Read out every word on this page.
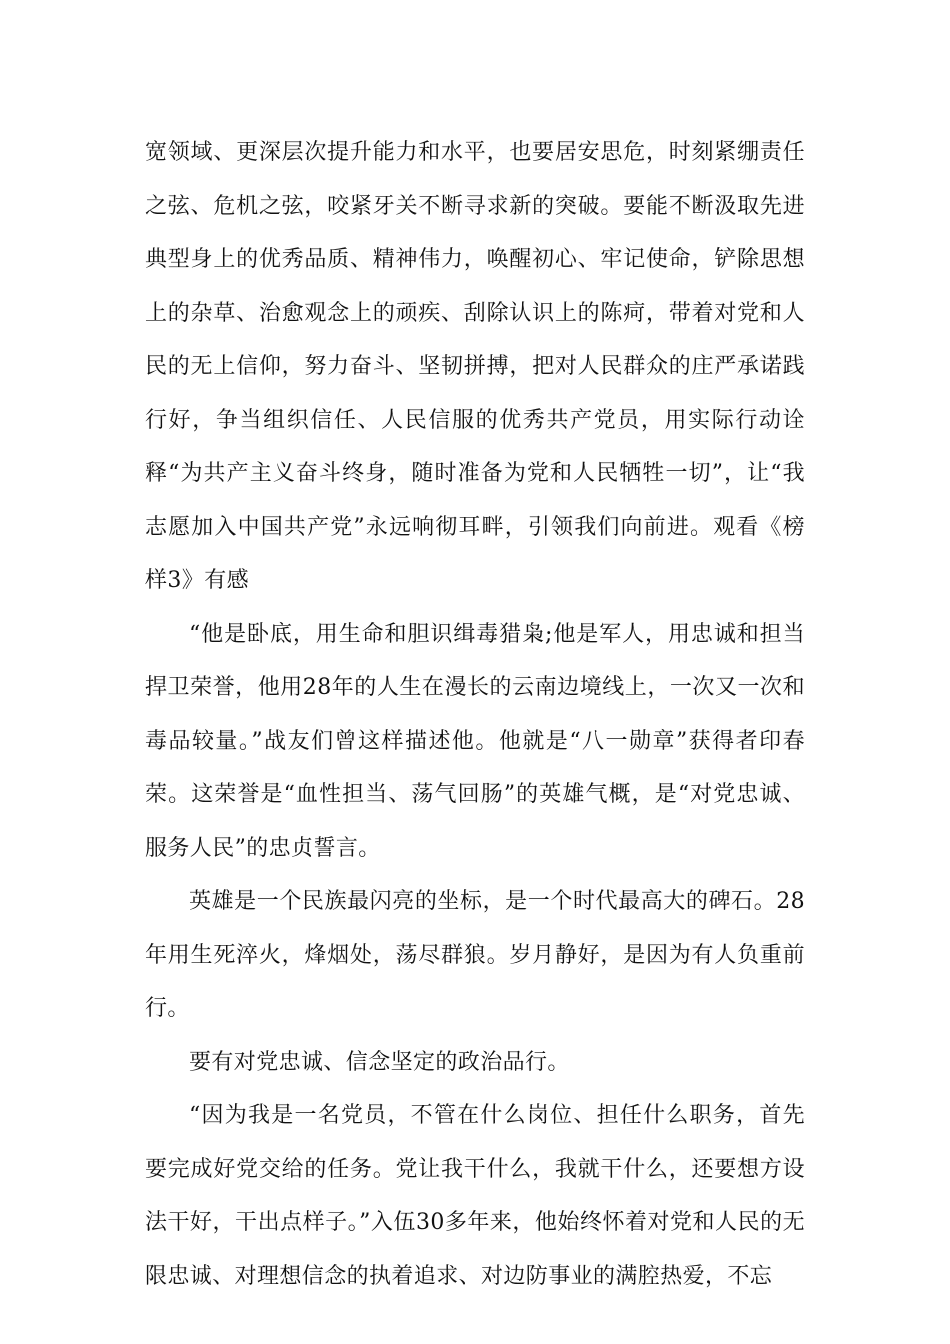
宽领域、更深层次提升能力和水平，也要居安思危，时刻紧绷责任之弦、危机之弦，咬紧牙关不断寻求新的突破。要能不断汲取先进典型身上的优秀品质、精神伟力，唤醒初心、牢记使命，铲除思想上的杂草、治愈观念上的顽疾、刮除认识上的陈疴，带着对党和人民的无上信仰，努力奋斗、坚韧拼搏，把对人民群众的庄严承诺践行好，争当组织信任、人民信服的优秀共产党员，用实际行动诠释“为共产主义奋斗终身，随时准备为党和人民牺牲一切”，让“我志愿加入中国共产党”永远响彻耳畔，引领我们向前进。观看《榜样3》有感

“他是卧底，用生命和胆识缉毒猎枭;他是军人，用忠诚和担当捍卫荣誉，他用28年的人生在漫长的云南边境线上，一次又一次和毒品较量。”战友们曾这样描述他。他就是“八一勋章”获得者印春荣。这荣誉是“血性担当、荡气回肠”的英雄气概，是“对党忠诚、服务人民”的忠贞誓言。

英雄是一个民族最闪亮的坐标，是一个时代最高大的碑石。28年用生死淬火，烽烟处，荡尽群狼。岁月静好，是因为有人负重前行。

要有对党忠诚、信念坚定的政治品行。

“因为我是一名党员，不管在什么岗位、担任什么职务，首先要完成好党交给的任务。党让我干什么，我就干什么，还要想方设法干好，干出点样子。”入伍30多年来，他始终怀着对党和人民的无限忠诚、对理想信念的执着追求、对边防事业的满腔热爱，不忘
